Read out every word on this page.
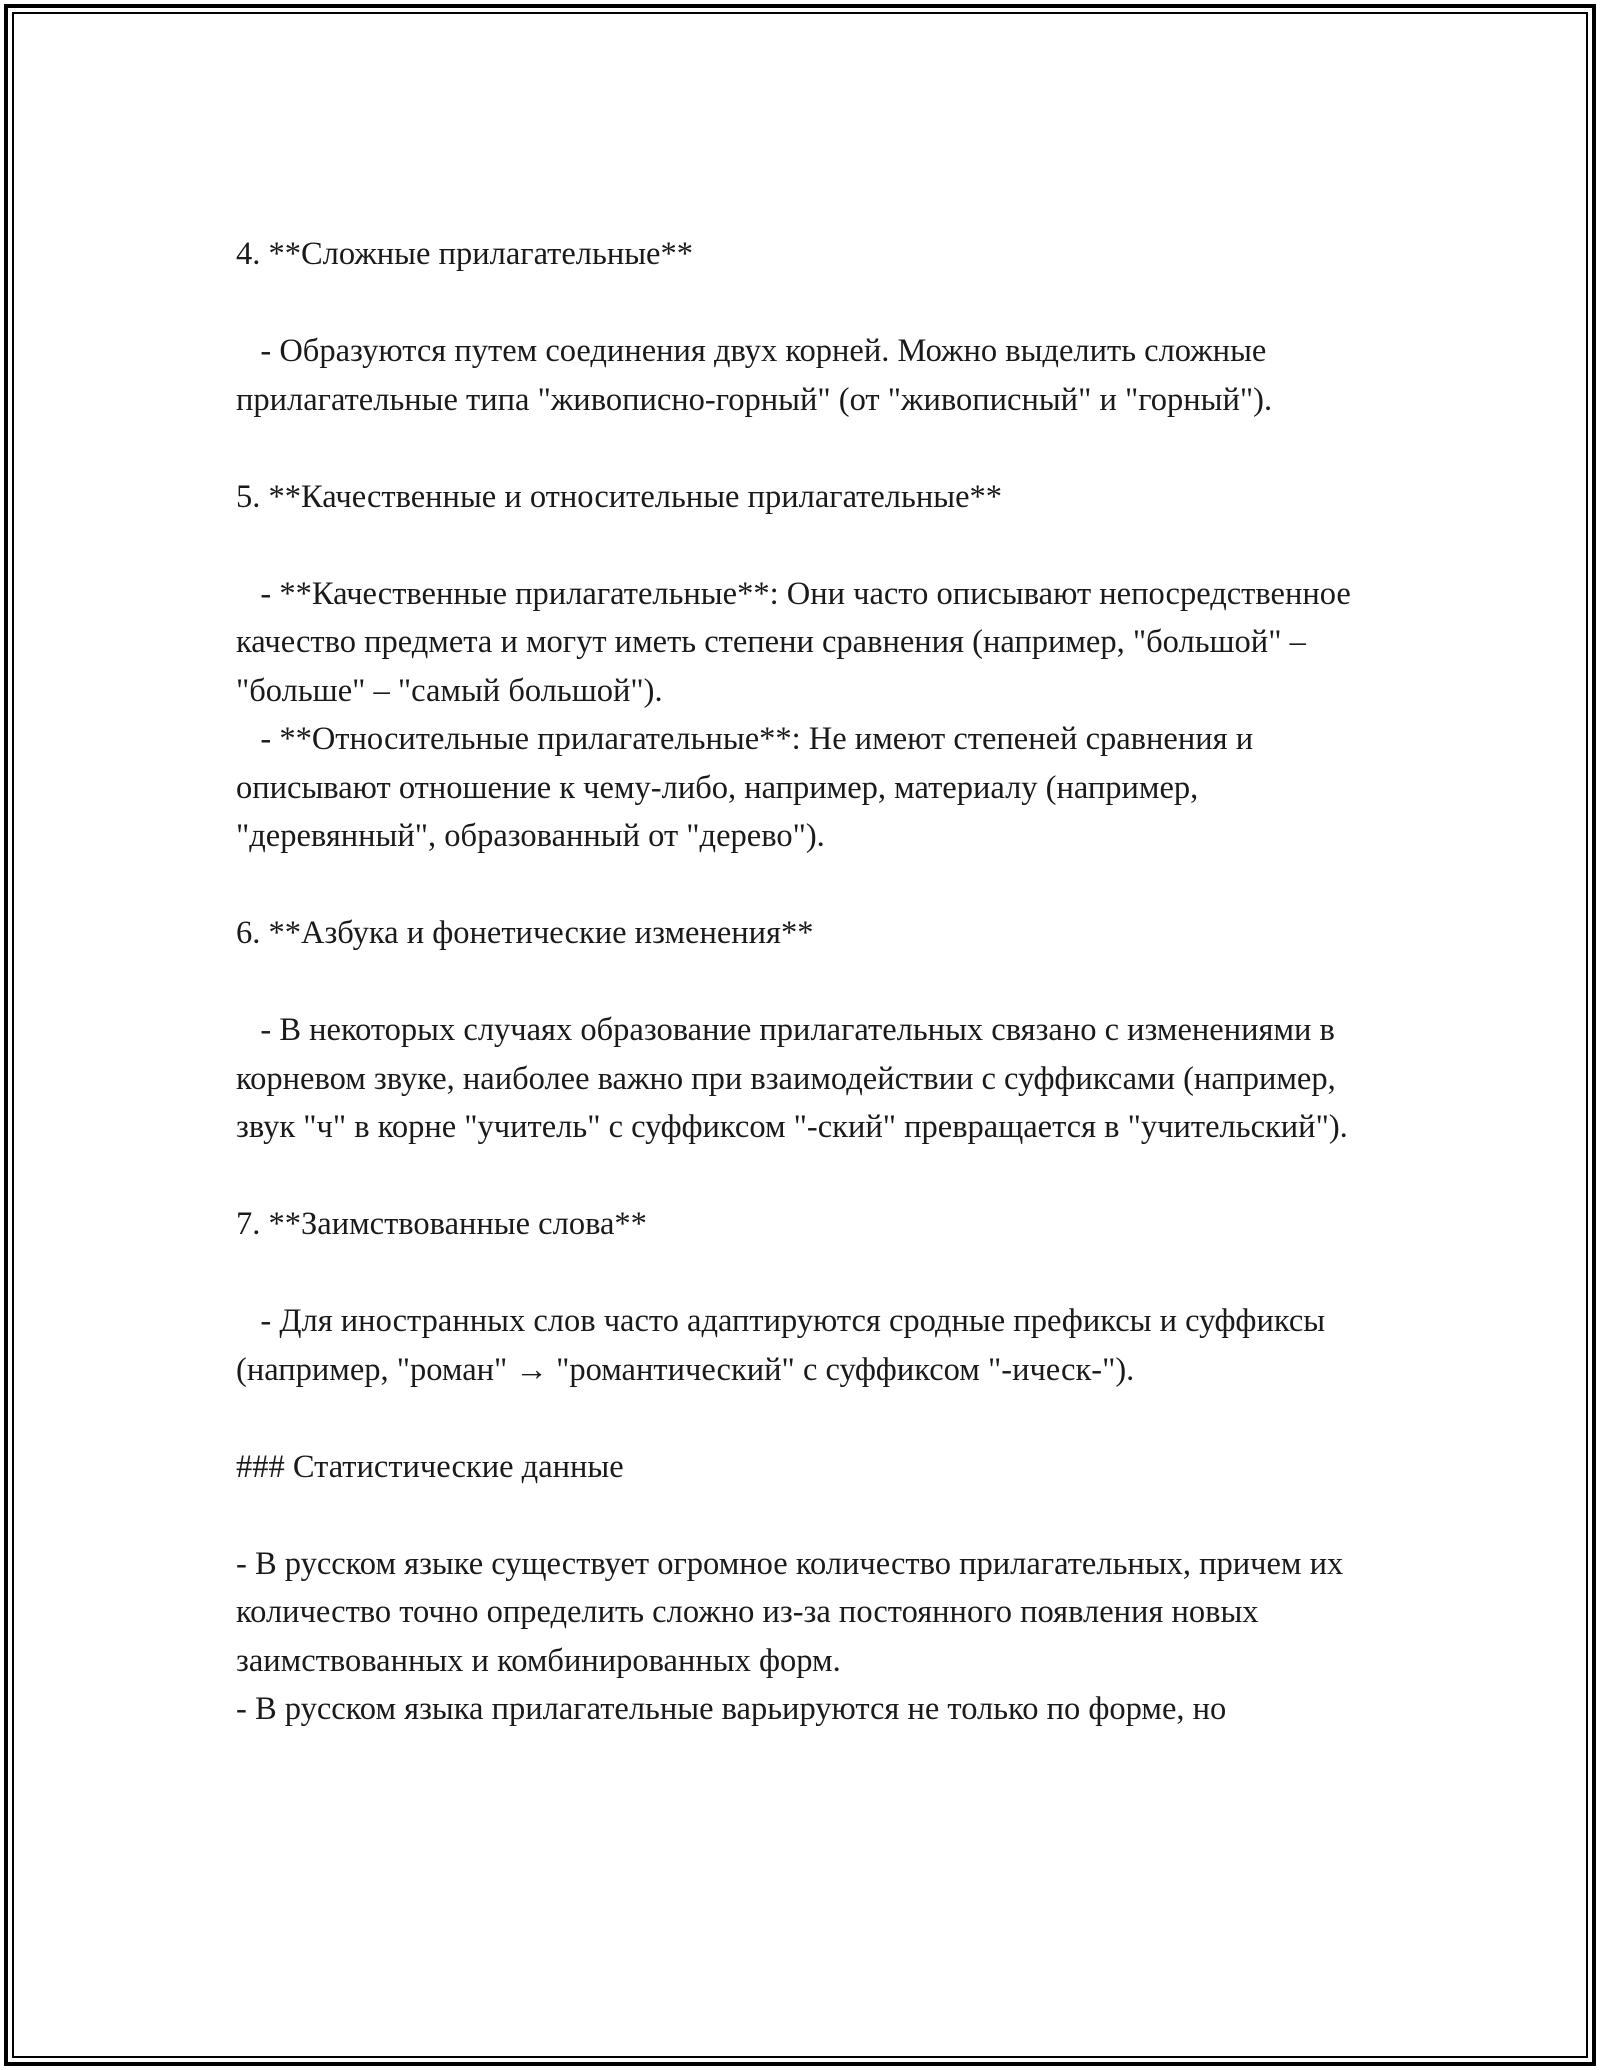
4. **Сложные прилагательные**

- Образуются путем соединения двух корней. Можно выделить сложные прилагательные типа "живописно-горный" (от "живописный" и "горный").

5. **Качественные и относительные прилагательные**

- **Качественные прилагательные**: Они часто описывают непосредственное качество предмета и могут иметь степени сравнения (например, "большой" – "больше" – "самый большой").

- **Относительные прилагательные**: Не имеют степеней сравнения и описывают отношение к чему-либо, например, материалу (например, "деревянный", образованный от "дерево").

6. **Азбука и фонетические изменения**

- В некоторых случаях образование прилагательных связано с изменениями в корневом звуке, наиболее важно при взаимодействии с суффиксами (например, звук "ч" в корне "учитель" с суффиксом "-ский" превращается в "учительский").

7. **Заимствованные слова**

- Для иностранных слов часто адаптируются сродные префиксы и суффиксы (например, "роман" → "романтический" с суффиксом "-ическ-").

### Статистические данные

- В русском языке существует огромное количество прилагательных, причем их количество точно определить сложно из-за постоянного появления новых заимствованных и комбинированных форм.

- В русском языка прилагательные варьируются не только по форме, но
